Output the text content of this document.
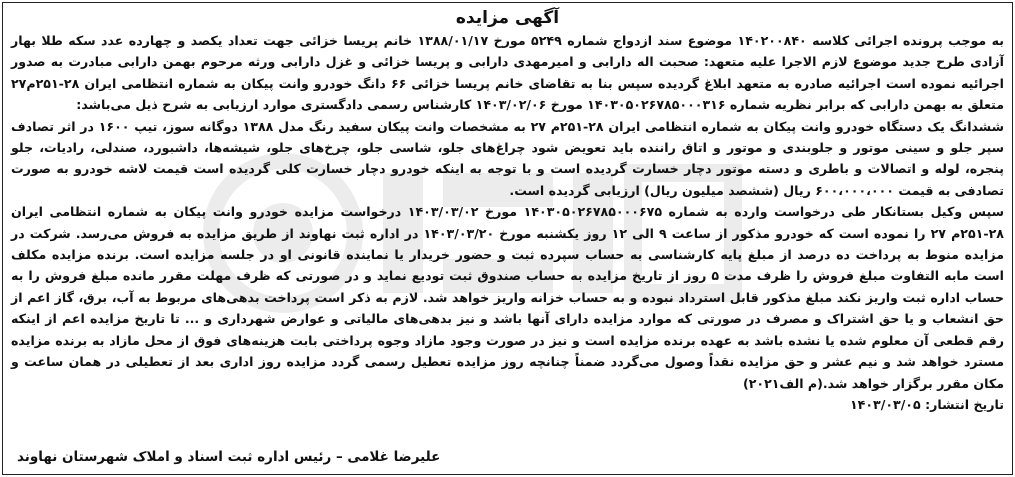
آگهی مزایده

به موجب پرونده اجرائی کلاسه ۱۴۰۲۰۰۸۴۰ موضوع سند ازدواج شماره ۵۲۴۹ مورخ ۱۳۸۸/۰۱/۱۷ خانم پریسا خزائی جهت تعداد یکصد و چهارده عدد سکه طلا بهار آزادی طرح جدید موضوع لازم الاجرا علیه متعهد: صحبت اله دارابی و امیرمهدی دارابی و پریسا خزائی و غزل دارابی ورثه مرحوم بهمن دارابی مبادرت به صدور اجرائیه نموده است اجرائیه صادره به متعهد ابلاغ گردیده سپس بنا به تقاضای خانم پریسا خزائی ۶۶ دانگ خودرو وانت پیکان به شماره انتظامی ایران ۲۸-۲۵۱م۲۷ متعلق به بهمن دارابی که برابر نظریه شماره ۱۴۰۳۰۵۰۲۶۷۸۵۰۰۰۳۱۶ مورخ ۱۴۰۳/۰۲/۰۶ کارشناس رسمی دادگستری موارد ارزیابی به شرح ذیل می‌باشد:

ششدانگ یک دستگاه خودرو وانت پیکان به شماره انتظامی ایران ۲۸-۲۵۱م ۲۷ به مشخصات وانت پیکان سفید رنگ مدل ۱۳۸۸ دوگانه سوز، تیپ ۱۶۰۰ در اثر تصادف سپر جلو و سینی موتور و جلوبندی و موتور و اتاق راننده باید تعویض شود چراغ‌های جلو، شاسی جلو، چرخ‌های جلو، شیشه‌ها، داشبورد، صندلی، رادیات، جلو پنجره، لوله و اتصالات و باطری و دسته موتور دچار خسارت گردیده است و با توجه به اینکه خودرو دچار خسارت کلی گردیده است قیمت لاشه خودرو به صورت تصادفی به قیمت ۶۰۰،۰۰۰،۰۰۰ ریال (ششصد میلیون ریال) ارزیابی گردیده است.

سپس وکیل بستانکار طی درخواست وارده به شماره ۱۴۰۳۰۵۰۲۶۷۸۵۰۰۰۶۷۵ مورخ ۱۴۰۳/۰۳/۰۲ درخواست مزایده خودرو وانت پیکان به شماره انتظامی ایران ۲۸-۲۵۱م ۲۷ را نموده است که خودرو مذکور از ساعت ۹ الی ۱۲ روز یکشنبه مورخ ۱۴۰۳/۰۳/۲۰ در اداره ثبت نهاوند از طریق مزایده به فروش می‌رسد. شرکت در مزایده منوط به پرداخت ده درصد از مبلغ پایه کارشناسی به حساب سپرده ثبت و حضور خریدار یا نماینده قانونی او در جلسه مزایده است. برنده مزایده مکلف است مابه التفاوت مبلغ فروش را ظرف مدت ۵ روز از تاریخ مزایده به حساب صندوق ثبت تودیع نماید و در صورتی که ظرف مهلت مقرر مانده مبلغ فروش را به حساب اداره ثبت واریز نکند مبلغ مذکور قابل استرداد نبوده و به حساب خزانه واریز خواهد شد. لازم به ذکر است پرداخت بدهی‌های مربوط به آب، برق، گاز اعم از حق انشعاب و یا حق اشتراک و مصرف در صورتی که موارد مزایده دارای آنها باشد و نیز بدهی‌های مالیاتی و عوارض شهرداری و ... تا تاریخ مزایده اعم از اینکه رقم قطعی آن معلوم شده یا نشده باشد به عهده برنده مزایده است و نیز در صورت وجود مازاد وجوه پرداختی بابت هزینه‌های فوق از محل مازاد به برنده مزایده مسترد خواهد شد و نیم عشر و حق مزایده نقداً وصول می‌گردد ضمناً چنانچه روز مزایده تعطیل رسمی گردد مزایده روز اداری بعد از تعطیلی در همان ساعت و مکان مقرر برگزار خواهد شد.(م الف۲۰۲۱)

تاریخ انتشار: ۱۴۰۳/۰۳/۰۵

علیرضا غلامی – رئیس اداره ثبت اسناد و املاک شهرستان نهاوند
